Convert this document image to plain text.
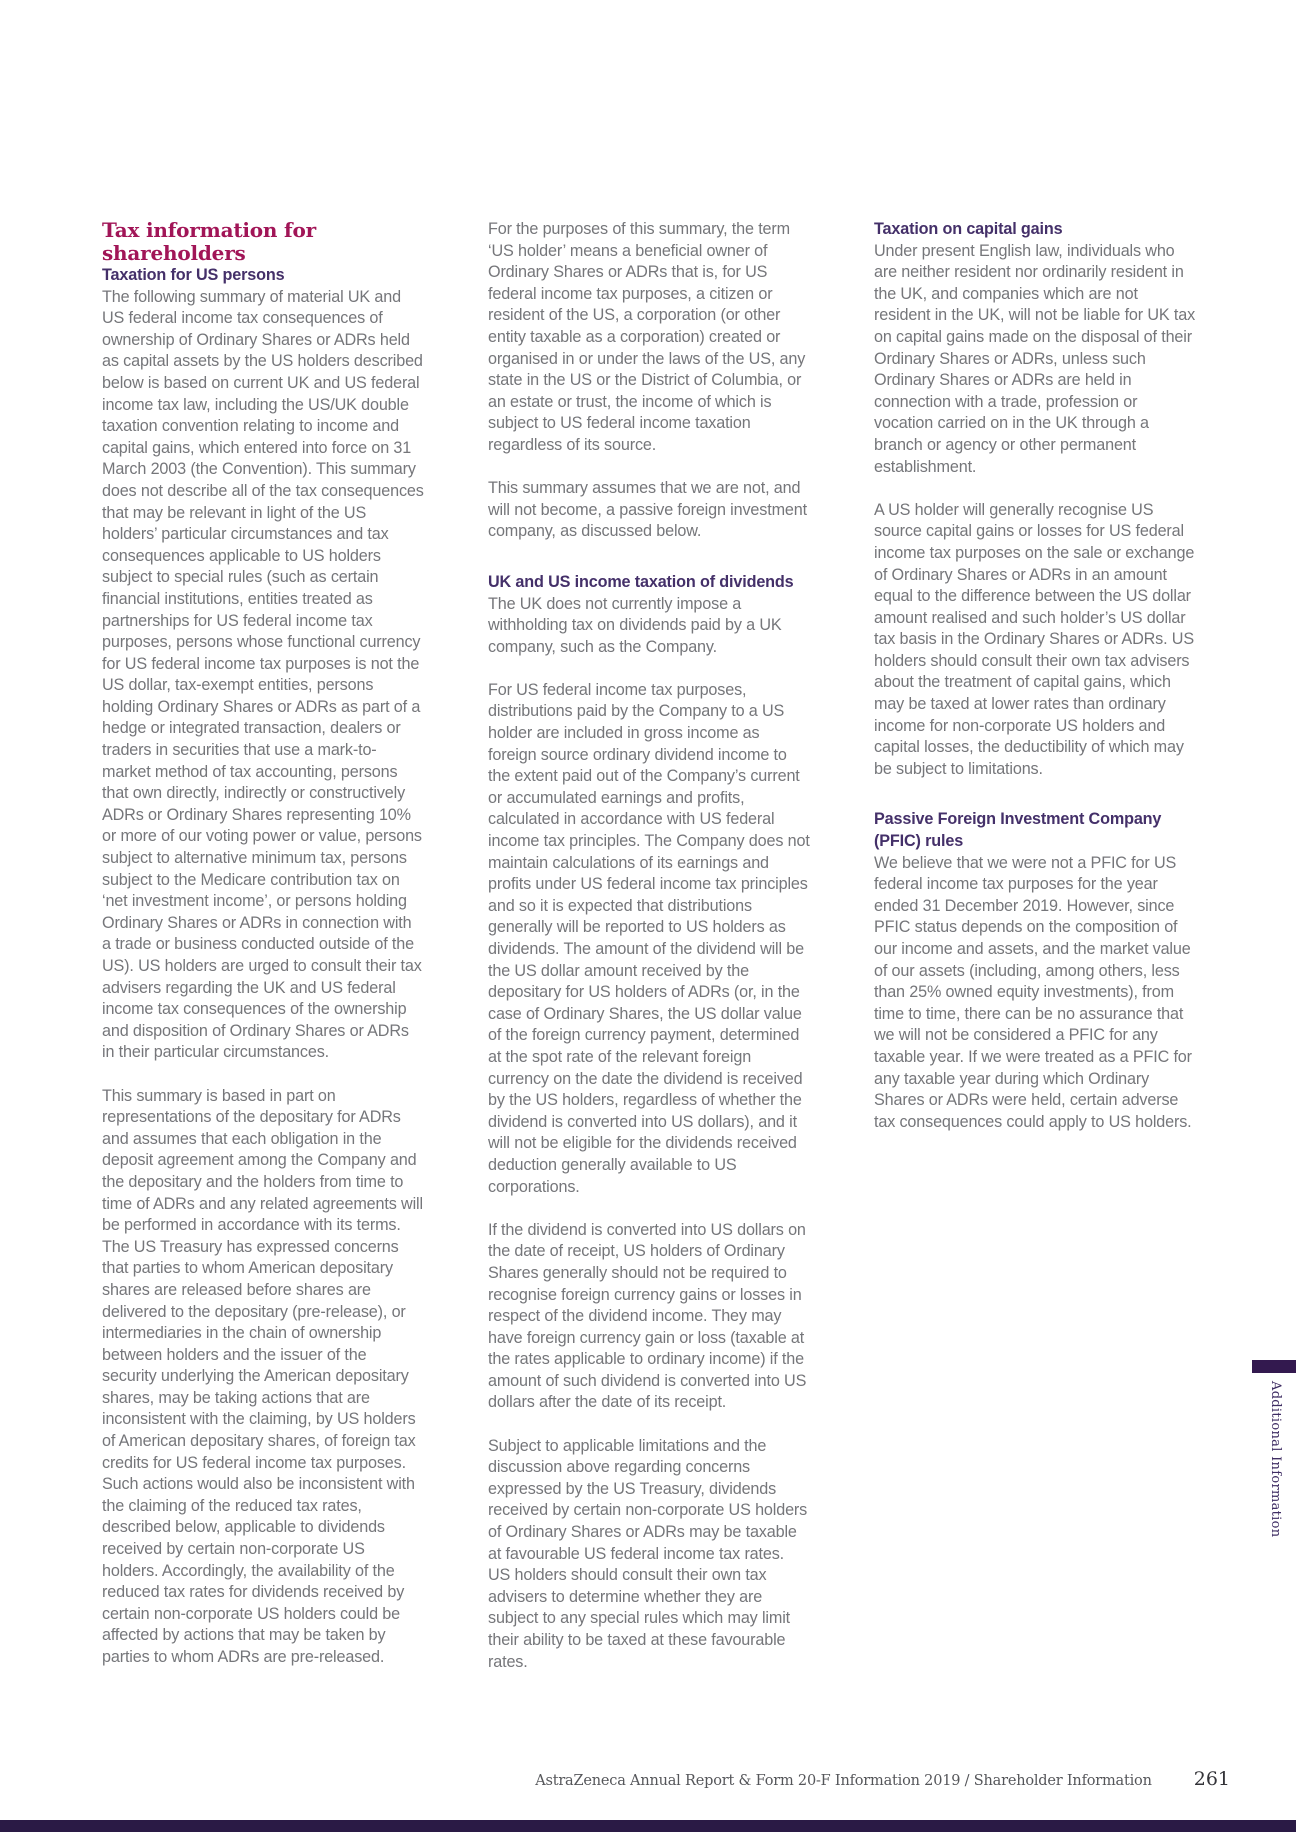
Tax information for shareholders
Taxation for US persons

The following summary of material UK and US federal income tax consequences of ownership of Ordinary Shares or ADRs held as capital assets by the US holders described below is based on current UK and US federal income tax law, including the US/UK double taxation convention relating to income and capital gains, which entered into force on 31 March 2003 (the Convention). This summary does not describe all of the tax consequences that may be relevant in light of the US holders’ particular circumstances and tax consequences applicable to US holders subject to special rules (such as certain financial institutions, entities treated as partnerships for US federal income tax purposes, persons whose functional currency for US federal income tax purposes is not the US dollar, tax-exempt entities, persons holding Ordinary Shares or ADRs as part of a hedge or integrated transaction, dealers or traders in securities that use a mark-to-market method of tax accounting, persons that own directly, indirectly or constructively ADRs or Ordinary Shares representing 10% or more of our voting power or value, persons subject to alternative minimum tax, persons subject to the Medicare contribution tax on ‘net investment income’, or persons holding Ordinary Shares or ADRs in connection with a trade or business conducted outside of the US). US holders are urged to consult their tax advisers regarding the UK and US federal income tax consequences of the ownership and disposition of Ordinary Shares or ADRs in their particular circumstances.

This summary is based in part on representations of the depositary for ADRs and assumes that each obligation in the deposit agreement among the Company and the depositary and the holders from time to time of ADRs and any related agreements will be performed in accordance with its terms. The US Treasury has expressed concerns that parties to whom American depositary shares are released before shares are delivered to the depositary (pre-release), or intermediaries in the chain of ownership between holders and the issuer of the security underlying the American depositary shares, may be taking actions that are inconsistent with the claiming, by US holders of American depositary shares, of foreign tax credits for US federal income tax purposes. Such actions would also be inconsistent with the claiming of the reduced tax rates, described below, applicable to dividends received by certain non-corporate US holders. Accordingly, the availability of the reduced tax rates for dividends received by certain non-corporate US holders could be affected by actions that may be taken by parties to whom ADRs are pre-released.

For the purposes of this summary, the term ‘US holder’ means a beneficial owner of Ordinary Shares or ADRs that is, for US federal income tax purposes, a citizen or resident of the US, a corporation (or other entity taxable as a corporation) created or organised in or under the laws of the US, any state in the US or the District of Columbia, or an estate or trust, the income of which is subject to US federal income taxation regardless of its source.

This summary assumes that we are not, and will not become, a passive foreign investment company, as discussed below.

UK and US income taxation of dividends

The UK does not currently impose a withholding tax on dividends paid by a UK company, such as the Company.

For US federal income tax purposes, distributions paid by the Company to a US holder are included in gross income as foreign source ordinary dividend income to the extent paid out of the Company’s current or accumulated earnings and profits, calculated in accordance with US federal income tax principles. The Company does not maintain calculations of its earnings and profits under US federal income tax principles and so it is expected that distributions generally will be reported to US holders as dividends. The amount of the dividend will be the US dollar amount received by the depositary for US holders of ADRs (or, in the case of Ordinary Shares, the US dollar value of the foreign currency payment, determined at the spot rate of the relevant foreign currency on the date the dividend is received by the US holders, regardless of whether the dividend is converted into US dollars), and it will not be eligible for the dividends received deduction generally available to US corporations.

If the dividend is converted into US dollars on the date of receipt, US holders of Ordinary Shares generally should not be required to recognise foreign currency gains or losses in respect of the dividend income. They may have foreign currency gain or loss (taxable at the rates applicable to ordinary income) if the amount of such dividend is converted into US dollars after the date of its receipt.

Subject to applicable limitations and the discussion above regarding concerns expressed by the US Treasury, dividends received by certain non-corporate US holders of Ordinary Shares or ADRs may be taxable at favourable US federal income tax rates. US holders should consult their own tax advisers to determine whether they are subject to any special rules which may limit their ability to be taxed at these favourable rates.

Taxation on capital gains

Under present English law, individuals who are neither resident nor ordinarily resident in the UK, and companies which are not resident in the UK, will not be liable for UK tax on capital gains made on the disposal of their Ordinary Shares or ADRs, unless such Ordinary Shares or ADRs are held in connection with a trade, profession or vocation carried on in the UK through a branch or agency or other permanent establishment.

A US holder will generally recognise US source capital gains or losses for US federal income tax purposes on the sale or exchange of Ordinary Shares or ADRs in an amount equal to the difference between the US dollar amount realised and such holder’s US dollar tax basis in the Ordinary Shares or ADRs. US holders should consult their own tax advisers about the treatment of capital gains, which may be taxed at lower rates than ordinary income for non-corporate US holders and capital losses, the deductibility of which may be subject to limitations.

Passive Foreign Investment Company (PFIC) rules

We believe that we were not a PFIC for US federal income tax purposes for the year ended 31 December 2019. However, since PFIC status depends on the composition of our income and assets, and the market value of our assets (including, among others, less than 25% owned equity investments), from time to time, there can be no assurance that we will not be considered a PFIC for any taxable year. If we were treated as a PFIC for any taxable year during which Ordinary Shares or ADRs were held, certain adverse tax consequences could apply to US holders.

Additional Information
AstraZeneca Annual Report & Form 20-F Information 2019 / Shareholder Information 261
